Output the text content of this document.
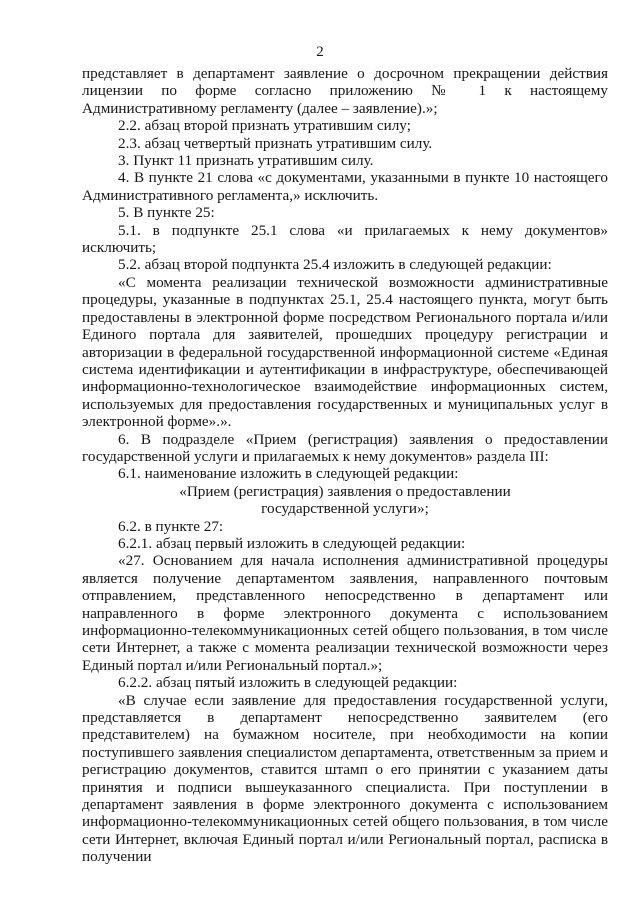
2

представляет в департамент заявление о досрочном прекращении действия лицензии по форме согласно приложению № 1 к настоящему Административному регламенту (далее – заявление).»;

2.2. абзац второй признать утратившим силу;

2.3. абзац четвертый признать утратившим силу.

3. Пункт 11 признать утратившим силу.

4. В пункте 21 слова «с документами, указанными в пункте 10 настоящего Административного регламента,» исключить.

5. В пункте 25:

5.1. в подпункте 25.1 слова «и прилагаемых к нему документов» исключить;

5.2. абзац второй подпункта 25.4 изложить в следующей редакции:

«С момента реализации технической возможности административные процедуры, указанные в подпунктах 25.1, 25.4 настоящего пункта, могут быть предоставлены в электронной форме посредством Регионального портала и/или Единого портала для заявителей, прошедших процедуру регистрации и авторизации в федеральной государственной информационной системе «Единая система идентификации и аутентификации в инфраструктуре, обеспечивающей информационно-технологическое взаимодействие информационных систем, используемых для предоставления государственных и муниципальных услуг в электронной форме».».

6. В подразделе «Прием (регистрация) заявления о предоставлении государственной услуги и прилагаемых к нему документов» раздела III:

6.1. наименование изложить в следующей редакции:

«Прием (регистрация) заявления о предоставлении

государственной услуги»;

6.2. в пункте 27:

6.2.1. абзац первый изложить в следующей редакции:

«27. Основанием для начала исполнения административной процедуры является получение департаментом заявления, направленного почтовым отправлением, представленного непосредственно в департамент или направленного в форме электронного документа с использованием информационно-телекоммуникационных сетей общего пользования, в том числе сети Интернет, а также с момента реализации технической возможности через Единый портал и/или Региональный портал.»;

6.2.2. абзац пятый изложить в следующей редакции:

«В случае если заявление для предоставления государственной услуги, представляется в департамент непосредственно заявителем (его представителем) на бумажном носителе, при необходимости на копии поступившего заявления специалистом департамента, ответственным за прием и регистрацию документов, ставится штамп о его принятии с указанием даты принятия и подписи вышеуказанного специалиста. При поступлении в департамент заявления в форме электронного документа с использованием информационно-телекоммуникационных сетей общего пользования, в том числе сети Интернет, включая Единый портал и/или Региональный портал, расписка в получении
